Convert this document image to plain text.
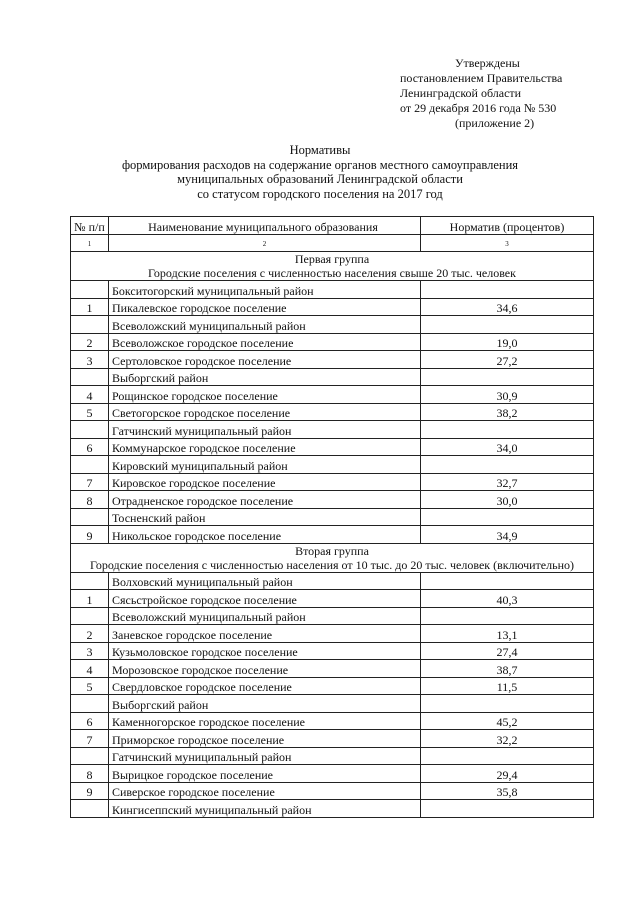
Утверждены
постановлением Правительства
Ленинградской области
от 29 декабря 2016 года № 530
(приложение 2)
Нормативы
формирования расходов на содержание органов местного самоуправления
муниципальных образований Ленинградской области
со статусом городского поселения на 2017 год
№ п/п	Наименование муниципального образования	Норматив (процентов)
1	2	3

Первая группа
Городские поселения с численностью населения свыше 20 тыс. человек		

	Бокситогорский муниципальный район	
1	Пикалевское городское поселение	34,6
	Всеволожский муниципальный район	
2	Всеволожское городское поселение	19,0
3	Сертоловское городское поселение	27,2
	Выборгский район	
4	Рощинское городское поселение	30,9
5	Светогорское городское поселение	38,2
	Гатчинский муниципальный район	
6	Коммунарское городское поселение	34,0
	Кировский муниципальный район	
7	Кировское городское поселение	32,7
8	Отрадненское городское поселение	30,0
	Тосненский район	
9	Никольское городское поселение	34,9

Вторая группа
Городские поселения с численностью населения от 10 тыс. до 20 тыс. человек (включительно)		

	Волховский муниципальный район	
1	Сясьстройское городское поселение	40,3
	Всеволожский муниципальный район	
2	Заневское городское поселение	13,1
3	Кузьмоловское городское поселение	27,4
4	Морозовское городское поселение	38,7
5	Свердловское городское поселение	11,5
	Выборгский район	
6	Каменногорское городское поселение	45,2
7	Приморское городское поселение	32,2
	Гатчинский муниципальный район	
8	Вырицкое городское поселение	29,4
9	Сиверское городское поселение	35,8
	Кингисеппский муниципальный район	
